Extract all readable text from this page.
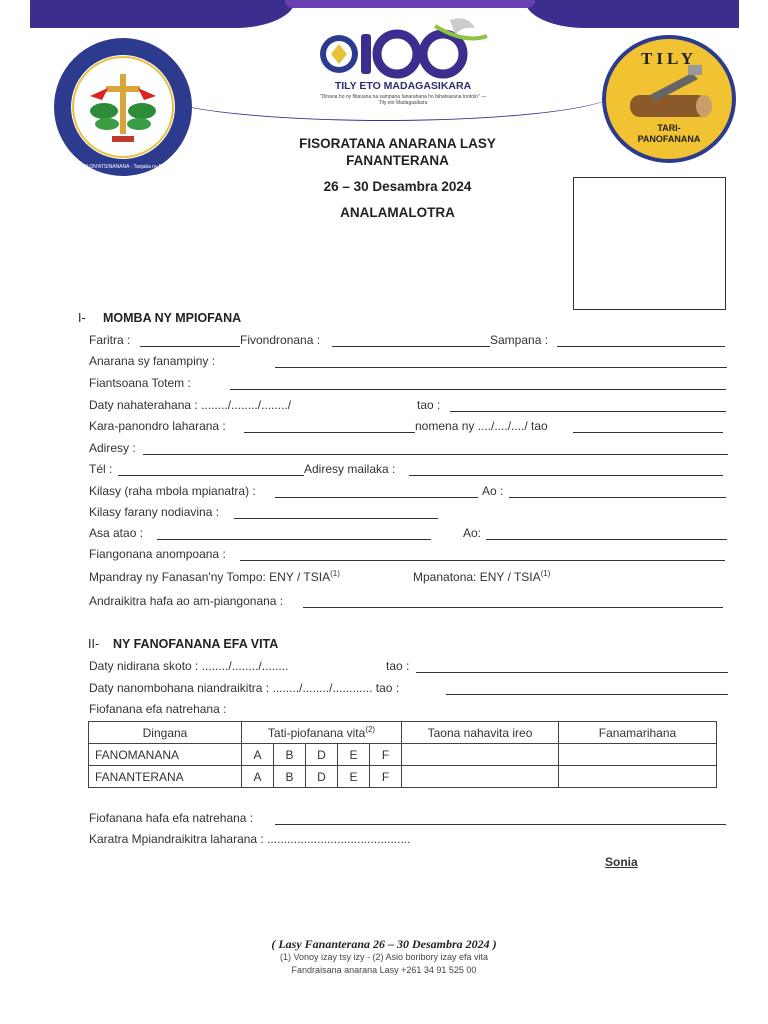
TILY FANILON'ATSINANANA · Tanjaka ny Fanompoana, 1, 1...
TILY ETO MADAGASIKARA
"Dinana ho ny fitiavana na sampana fanarahana ho fahatsarana tontolo" — Tily eto Madagasikara
TILY
TARI-PANOFANANA
FISORATANA ANARANA LASY
FANANTERANA
26 – 30 Desambra 2024
ANALAMALOTRA
I- MOMBA NY MPIOFANA
Faritra :	Fivondronana :	Sampana :
Anarana sy fanampiny :
Fiantsoana Totem :
Daty nahaterahana : ......../......../......../	tao :
Kara-panondro laharana :	nomena ny ..../..../..../ tao
Adiresy :
Tél :	Adiresy mailaka :
Kilasy (raha mbola mpianatra) :	Ao :
Kilasy farany nodiavina :
Asa atao :	Ao:
Fiangonana anompoana :
Mpandray ny Fanasan'ny Tompo: ENY / TSIA$^{(1)}$	Mpanatona: ENY / TSIA$^{(1)}$
Andraikitra hafa ao am-piangonana :
II- NY FANOFANANA EFA VITA
Daty nidirana skoto : ......../......../........	tao :
Daty nanombohana niandraikitra : ......../......../............ tao :
Fiofanana efa natrehana :
Dingana	Tati-piofanana vita$^{(2)}$					Taona nahavita ireo	Fanamarihana
FANOMANANA	A	B	D	E	F		
FANANTERANA	A	B	D	E	F		
Fiofanana hafa efa natrehana :
Karatra Mpiandraikitra laharana : ...........................................
Sonia
( Lasy Fananterana 26 – 30 Desambra 2024 )
(1) Vonoy izay tsy izy - (2) Asio boribory izay efa vita
Fandraisana anarana Lasy +261 34 91 525 00
